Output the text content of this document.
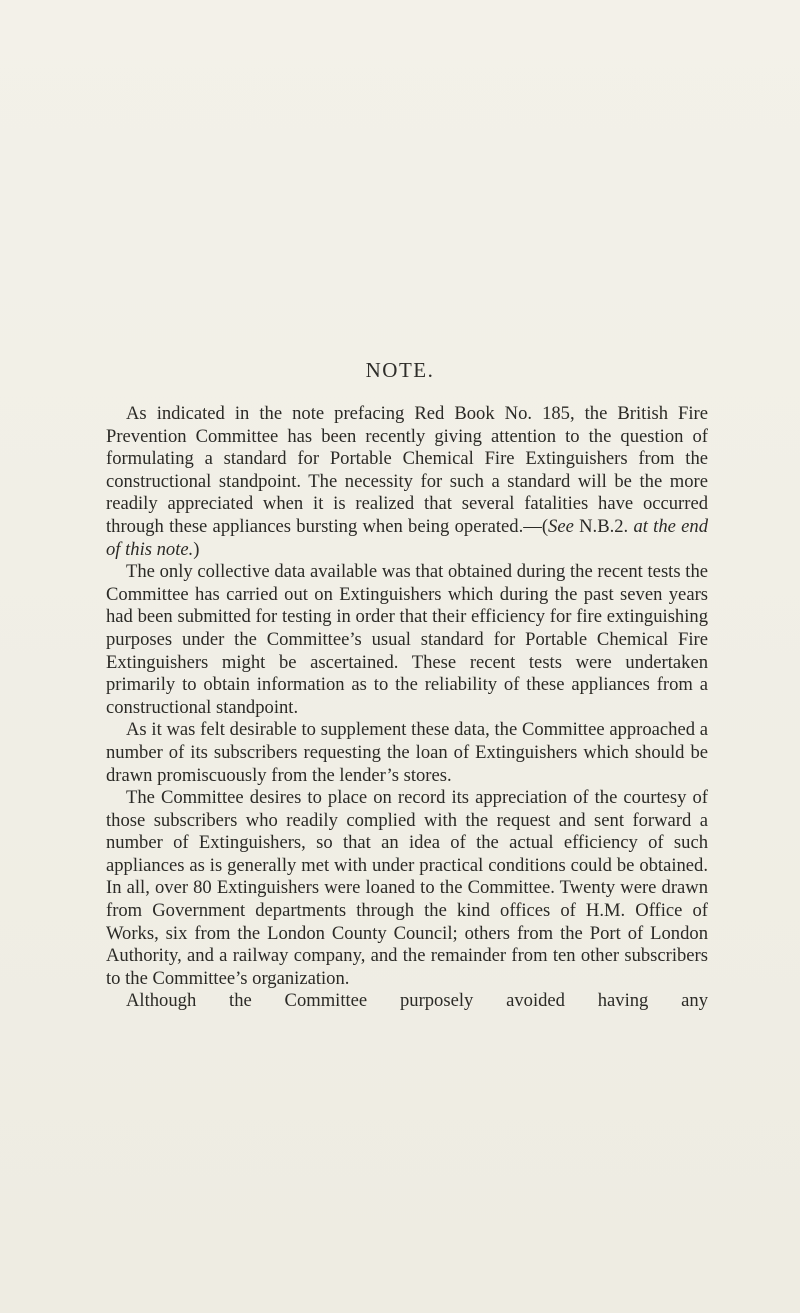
NOTE.

As indicated in the note prefacing Red Book No. 185, the British Fire Prevention Committee has been recently giving attention to the question of formulating a standard for Portable Chemical Fire Extinguishers from the constructional standpoint. The necessity for such a standard will be the more readily appreciated when it is realized that several fatalities have occurred through these appliances bursting when being operated.—(See N.B.2. at the end of this note.)

The only collective data available was that obtained during the recent tests the Committee has carried out on Extinguishers which during the past seven years had been submitted for testing in order that their efficiency for fire extinguishing purposes under the Committee’s usual standard for Portable Chemical Fire Extinguishers might be ascertained. These recent tests were undertaken primarily to obtain information as to the reliability of these appliances from a constructional standpoint.

As it was felt desirable to supplement these data, the Committee approached a number of its subscribers requesting the loan of Extinguishers which should be drawn promiscuously from the lender’s stores.

The Committee desires to place on record its appreciation of the courtesy of those subscribers who readily complied with the request and sent forward a number of Extinguishers, so that an idea of the actual efficiency of such appliances as is generally met with under practical conditions could be obtained. In all, over 80 Extinguishers were loaned to the Committee. Twenty were drawn from Government departments through the kind offices of H.M. Office of Works, six from the London County Council; others from the Port of London Authority, and a railway company, and the remainder from ten other subscribers to the Committee’s organization.

Although the Committee purposely avoided having any
